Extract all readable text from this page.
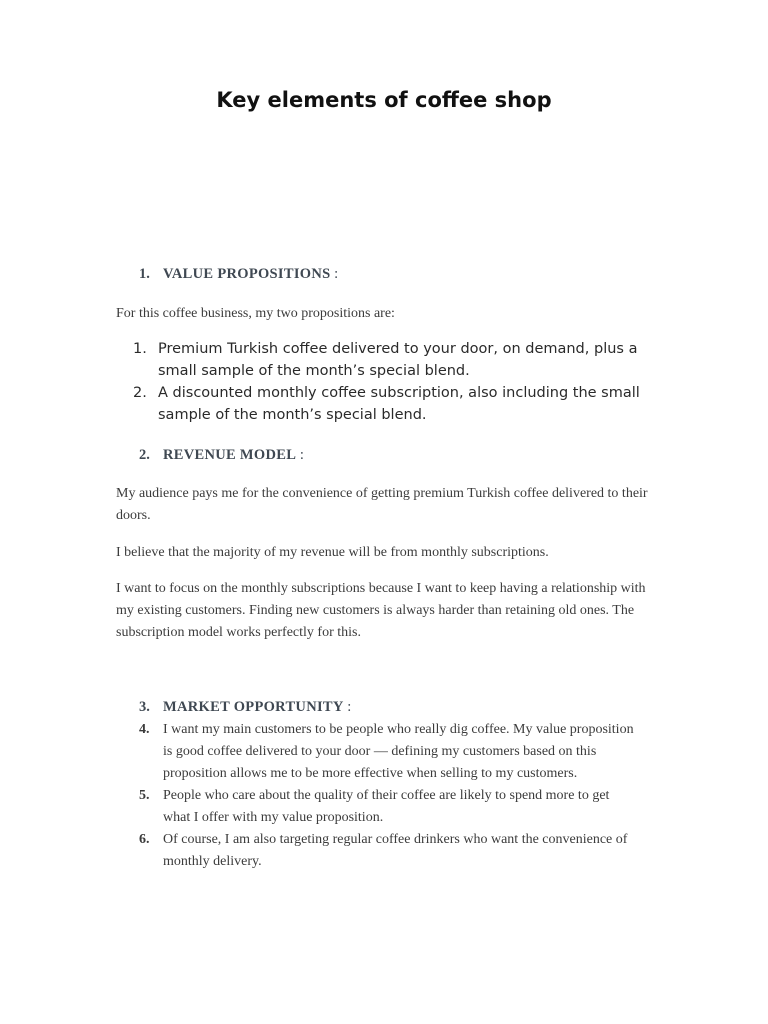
Key elements of coffee shop
1. VALUE PROPOSITIONS :
For this coffee business, my two propositions are:
1. Premium Turkish coffee delivered to your door, on demand, plus a small sample of the month’s special blend.
2. A discounted monthly coffee subscription, also including the small sample of the month’s special blend.
2. REVENUE MODEL :
My audience pays me for the convenience of getting premium Turkish coffee delivered to their doors.
I believe that the majority of my revenue will be from monthly subscriptions.
I want to focus on the monthly subscriptions because I want to keep having a relationship with my existing customers. Finding new customers is always harder than retaining old ones. The subscription model works perfectly for this.
3. MARKET OPPORTUNITY :
4. I want my main customers to be people who really dig coffee. My value proposition is good coffee delivered to your door — defining my customers based on this proposition allows me to be more effective when selling to my customers.
5. People who care about the quality of their coffee are likely to spend more to get what I offer with my value proposition.
6. Of course, I am also targeting regular coffee drinkers who want the convenience of monthly delivery.
